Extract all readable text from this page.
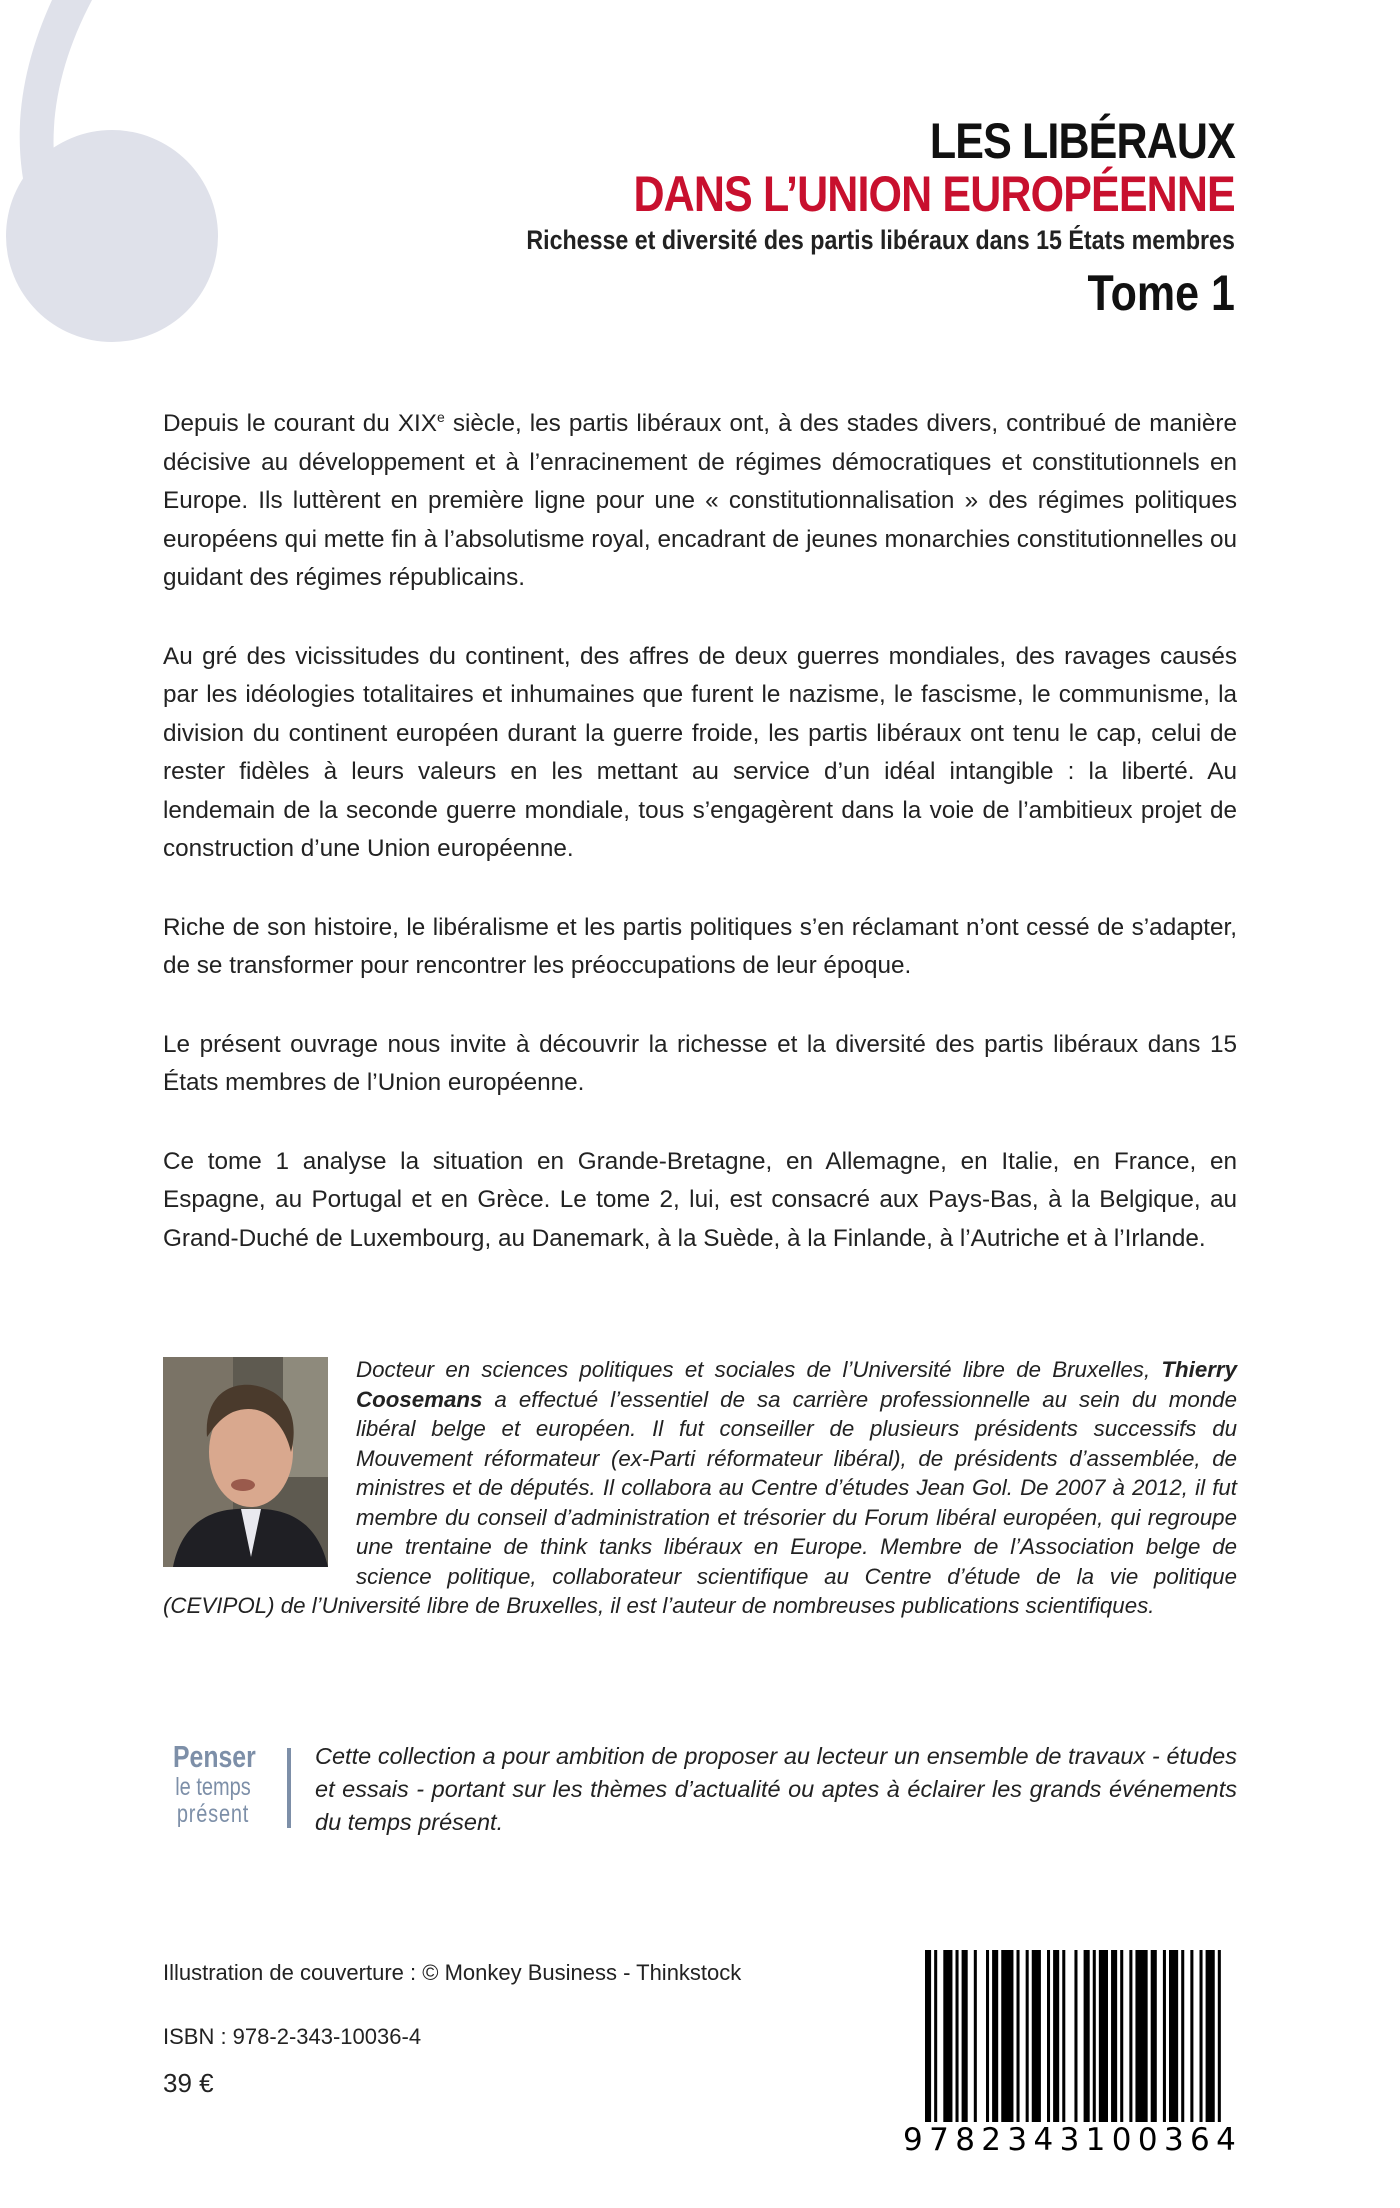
LES LIBÉRAUX
DANS L’UNION EUROPÉENNE
Richesse et diversité des partis libéraux dans 15 États membres
Tome 1

Depuis le courant du XIXe siècle, les partis libéraux ont, à des stades divers, contribué de manière décisive au développement et à l’enracinement de régimes démocratiques et constitutionnels en Europe. Ils luttèrent en première ligne pour une « constitutionnalisation » des régimes politiques européens qui mette fin à l’absolutisme royal, encadrant de jeunes monarchies constitutionnelles ou guidant des régimes républicains.

Au gré des vicissitudes du continent, des affres de deux guerres mondiales, des ravages causés par les idéologies totalitaires et inhumaines que furent le nazisme, le fascisme, le communisme, la division du continent européen durant la guerre froide, les partis libéraux ont tenu le cap, celui de rester fidèles à leurs valeurs en les mettant au service d’un idéal intangible : la liberté. Au lendemain de la seconde guerre mondiale, tous s’engagèrent dans la voie de l’ambitieux projet de construction d’une Union européenne.

Riche de son histoire, le libéralisme et les partis politiques s’en réclamant n’ont cessé de s’adapter, de se transformer pour rencontrer les préoccupations de leur époque.

Le présent ouvrage nous invite à découvrir la richesse et la diversité des partis libéraux dans 15 États membres de l’Union européenne.

Ce tome 1 analyse la situation en Grande-Bretagne, en Allemagne, en Italie, en France, en Espagne, au Portugal et en Grèce. Le tome 2, lui, est consacré aux Pays-Bas, à la Belgique, au Grand-Duché de Luxembourg, au Danemark, à la Suède, à la Finlande, à l’Autriche et à l’Irlande.

Docteur en sciences politiques et sociales de l’Université libre de Bruxelles, Thierry Coosemans a effectué l’essentiel de sa carrière professionnelle au sein du monde libéral belge et européen. Il fut conseiller de plusieurs présidents successifs du Mouvement réformateur (ex-Parti réformateur libéral), de présidents d’assemblée, de ministres et de députés. Il collabora au Centre d’études Jean Gol. De 2007 à 2012, il fut membre du conseil d’administration et trésorier du Forum libéral européen, qui regroupe une trentaine de think tanks libéraux en Europe. Membre de l’Association belge de science politique, collaborateur scientifique au Centre d’étude de la vie politique (CEVIPOL) de l’Université libre de Bruxelles, il est l’auteur de nombreuses publications scientifiques.
Penser
le temps
présent
Cette collection a pour ambition de proposer au lecteur un ensemble de travaux - études et essais - portant sur les thèmes d’actualité ou aptes à éclairer les grands événements du temps présent.
Illustration de couverture : © Monkey Business - Thinkstock
ISBN : 978-2-343-10036-4
39 €
9 7 8 2 3 4 3 1 0 0 3 6 4
